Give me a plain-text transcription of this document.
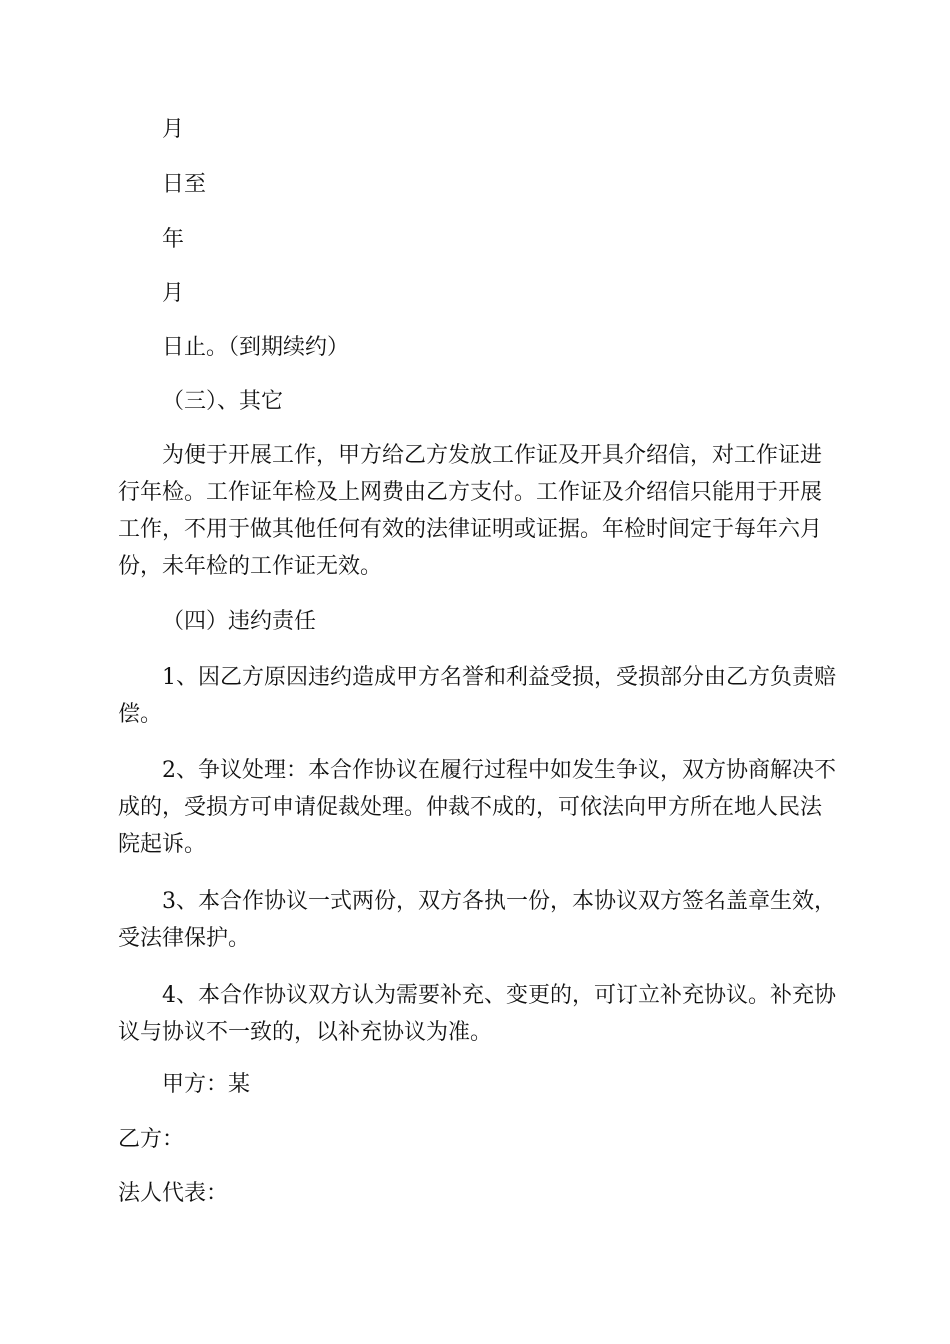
月
日至
年
月
日止。（到期续约）
（三）、其它
为便于开展工作，甲方给乙方发放工作证及开具介绍信，对工作证进行年检。工作证年检及上网费由乙方支付。工作证及介绍信只能用于开展工作，不用于做其他任何有效的法律证明或证据。年检时间定于每年六月份，未年检的工作证无效。
（四）违约责任
1、因乙方原因违约造成甲方名誉和利益受损，受损部分由乙方负责赔偿。
2、争议处理：本合作协议在履行过程中如发生争议，双方协商解决不成的，受损方可申请促裁处理。仲裁不成的，可依法向甲方所在地人民法院起诉。
3、本合作协议一式两份，双方各执一份，本协议双方签名盖章生效，受法律保护。
4、本合作协议双方认为需要补充、变更的，可订立补充协议。补充协议与协议不一致的，以补充协议为准。
甲方：某
乙方：
法人代表：
